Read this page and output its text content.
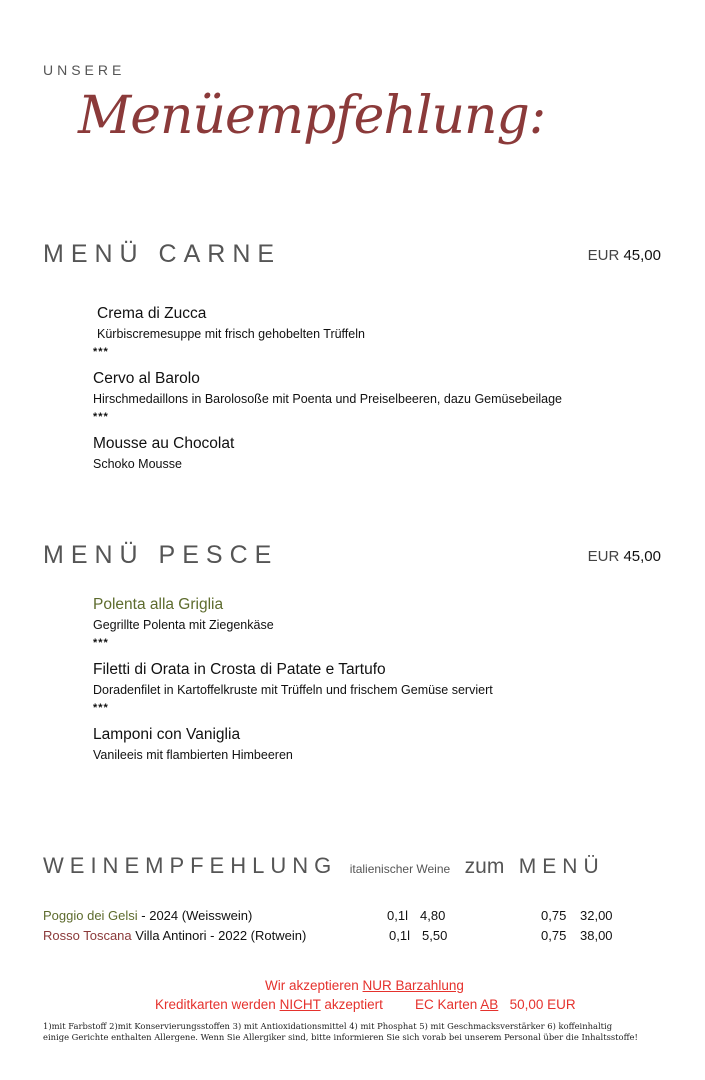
UNSERE
Menüempfehlung:
MENÜ CARNE	EUR 45,00
Crema di Zucca
Kürbiscremesuppe mit frisch gehobelten Trüffeln
***
Cervo al Barolo
Hirschmedaillons in Barolosoße mit Poenta und Preiselbeeren, dazu Gemüsebeilage
***
Mousse au Chocolat
Schoko Mousse
MENÜ PESCE	EUR 45,00
Polenta alla Griglia
Gegrillte Polenta mit Ziegenkäse
***
Filetti di Orata in Crosta di Patate e Tartufo
Doradenfilet in Kartoffelkruste mit Trüffeln und frischem Gemüse serviert
***
Lamponi con Vaniglia
Vanileeis mit flambierten Himbeeren
WEINEMPFEHLUNG italienischer Weine zum MENÜ
Poggio dei Gelsi - 2024 (Weisswein)	0,1l 4,80	0,75 32,00
Rosso Toscana Villa Antinori - 2022 (Rotwein)	0,1l 5,50	0,75 38,00
Wir akzeptieren NUR Barzahlung
Kreditkarten werden NICHT akzeptiert EC Karten AB   50,00 EUR
1)mit Farbstoff 2)mit Konservierungsstoffen 3) mit Antioxidationsmittel 4) mit Phosphat 5) mit Geschmacksverstärker 6) koffeinhaltig
einige Gerichte enthalten Allergene. Wenn Sie Allergiker sind, bitte informieren Sie sich vorab bei unserem Personal über die Inhaltsstoffe!
